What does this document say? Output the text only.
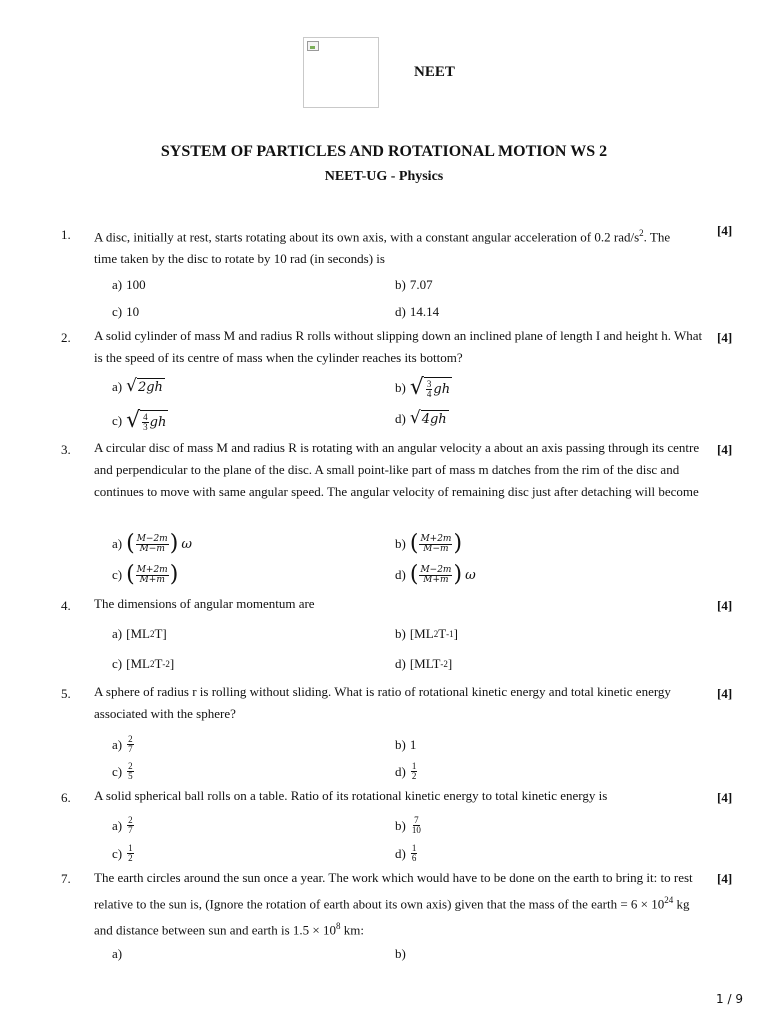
NEET
SYSTEM OF PARTICLES AND ROTATIONAL MOTION WS 2
NEET-UG - Physics
1. A disc, initially at rest, starts rotating about its own axis, with a constant angular acceleration of 0.2 rad/$s^2$. The
time taken by the disc to rotate by 10 rad (in seconds) is
[4]
a) 100	b) 7.07
c) 10	d) 14.14
2. A solid cylinder of mass M and radius R rolls without slipping down an inclined plane of length I and height h. What is the speed of its centre of mass when the cylinder reaches its bottom?
[4]
a) √ 2gh	b) √ $\frac{3}{4}$ gh
c) √ $\frac{4}{3}$ gh	d) √ 4gh
3. A circular disc of mass M and radius R is rotating with an angular velocity a about an axis passing through its centre and perpendicular to the plane of the disc. A small point-like part of mass m datches from the rim of the disc and continues to move with same angular speed. The angular velocity of remaining disc just after detaching will become
[4]
a) ( $\frac{M-2m}{M-m}$ ) ω	b) ( $\frac{M+2m}{M-m}$ )
c) ( $\frac{M+2m}{M+m}$ )	d) ( $\frac{M-2m}{M+m}$ ) ω
4. The dimensions of angular momentum are	[4]
a) [ML 2 T]	b) [ML 2 T -1 ]
c) [ML 2 T -2 ]	d) [MLT -2 ]
5. A sphere of radius r is rolling without sliding. What is ratio of rotational kinetic energy and total kinetic energy associated with the sphere?
[4]
$a) \frac{2}{7}$	b) 1
$c) \frac{2}{5}$	$d) \frac{1}{2}$
6. A solid spherical ball rolls on a table. Ratio of its rotational kinetic energy to total kinetic energy is	[4]
$a) \frac{2}{7}$	$b) \frac{7}{10}$
$c) \frac{1}{2}$	$d) \frac{1}{6}$
7. The earth circles around the sun once a year. The work which would have to be done on the earth to bring it: to rest relative to the sun is, (Ignore the rotation of earth about its own axis) given that the mass of the earth = $6 \times 10^{24}$ kg and distance between sun and earth is $1.5 \times 10^8$ km:
[4]
a)	b)
1 / 9
